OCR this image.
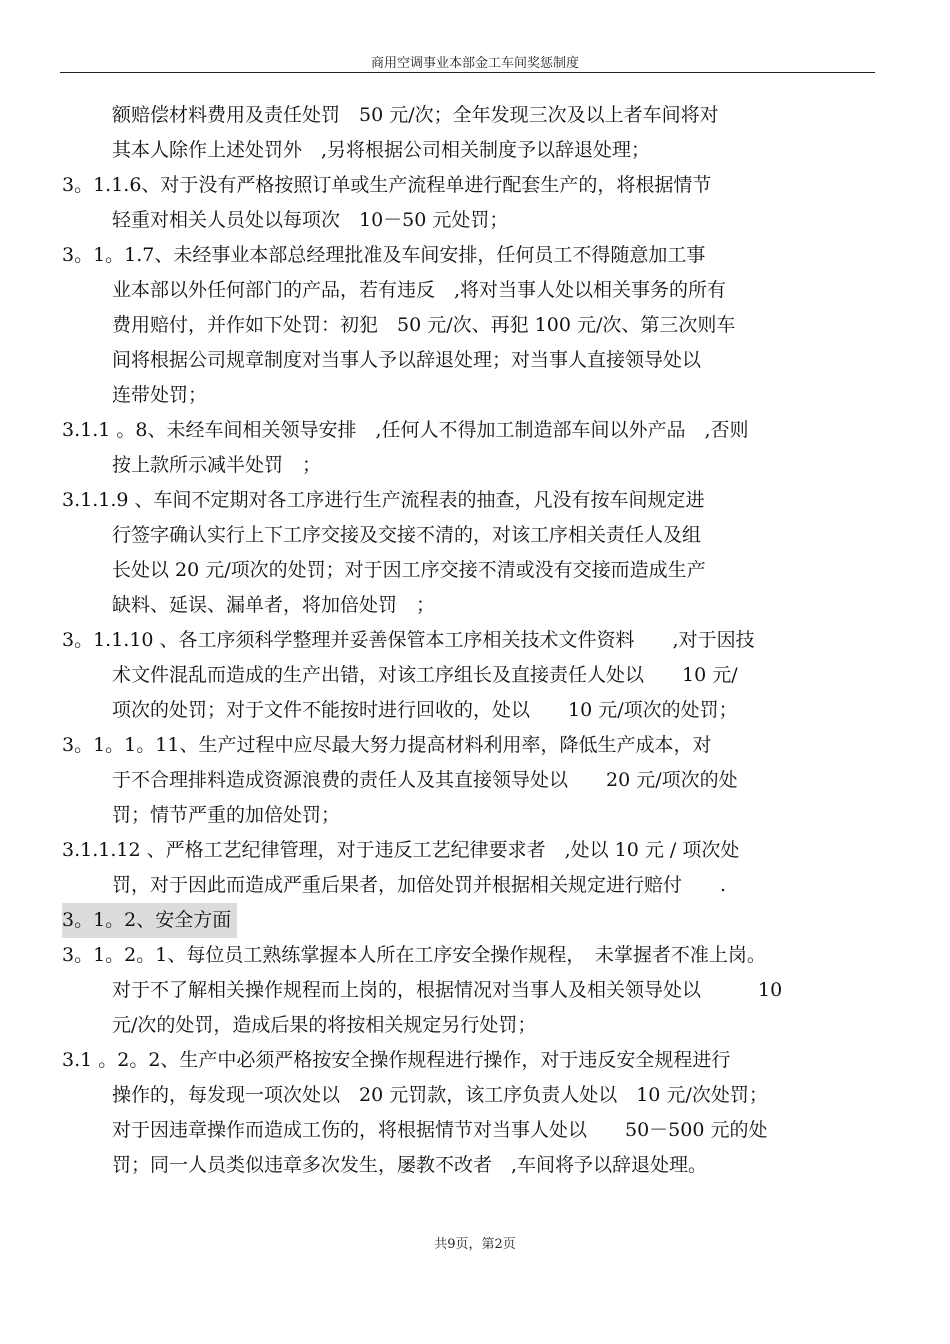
商用空调事业本部金工车间奖惩制度
额赔偿材料费用及责任处罚　50 元/次；全年发现三次及以上者车间将对
其本人除作上述处罚外　,另将根据公司相关制度予以辞退处理；
3。1.1.6、对于没有严格按照订单或生产流程单进行配套生产的，将根据情节
轻重对相关人员处以每项次　10－50 元处罚；
3。1。1.7、未经事业本部总经理批准及车间安排，任何员工不得随意加工事
业本部以外任何部门的产品，若有违反　,将对当事人处以相关事务的所有
费用赔付，并作如下处罚：初犯　50 元/次、再犯 100 元/次、第三次则车
间将根据公司规章制度对当事人予以辞退处理；对当事人直接领导处以
连带处罚；
3.1.1 。8、未经车间相关领导安排　,任何人不得加工制造部车间以外产品　,否则
按上款所示减半处罚　；
3.1.1.9 、车间不定期对各工序进行生产流程表的抽查，凡没有按车间规定进
行签字确认实行上下工序交接及交接不清的，对该工序相关责任人及组
长处以 20 元/项次的处罚；对于因工序交接不清或没有交接而造成生产
缺料、延误、漏单者，将加倍处罚　；
3。1.1.10 、各工序须科学整理并妥善保管本工序相关技术文件资料　　,对于因技
术文件混乱而造成的生产出错，对该工序组长及直接责任人处以　　10 元/
项次的处罚；对于文件不能按时进行回收的，处以　　10 元/项次的处罚；
3。1。1。11、生产过程中应尽最大努力提高材料利用率，降低生产成本，对
于不合理排料造成资源浪费的责任人及其直接领导处以　　20 元/项次的处
罚；情节严重的加倍处罚；
3.1.1.12 、严格工艺纪律管理，对于违反工艺纪律要求者　,处以 10 元 / 项次处
罚，对于因此而造成严重后果者，加倍处罚并根据相关规定进行赔付　　.
3。1。2、安全方面
3。1。2。1、每位员工熟练掌握本人所在工序安全操作规程，　未掌握者不准上岗。
对于不了解相关操作规程而上岗的，根据情况对当事人及相关领导处以　　　10
元/次的处罚，造成后果的将按相关规定另行处罚；
3.1 。2。2、生产中必须严格按安全操作规程进行操作，对于违反安全规程进行
操作的，每发现一项次处以　20 元罚款，该工序负责人处以　10 元/次处罚；
对于因违章操作而造成工伤的，将根据情节对当事人处以　　50－500 元的处
罚；同一人员类似违章多次发生，屡教不改者　,车间将予以辞退处理。
共9页，第2页
